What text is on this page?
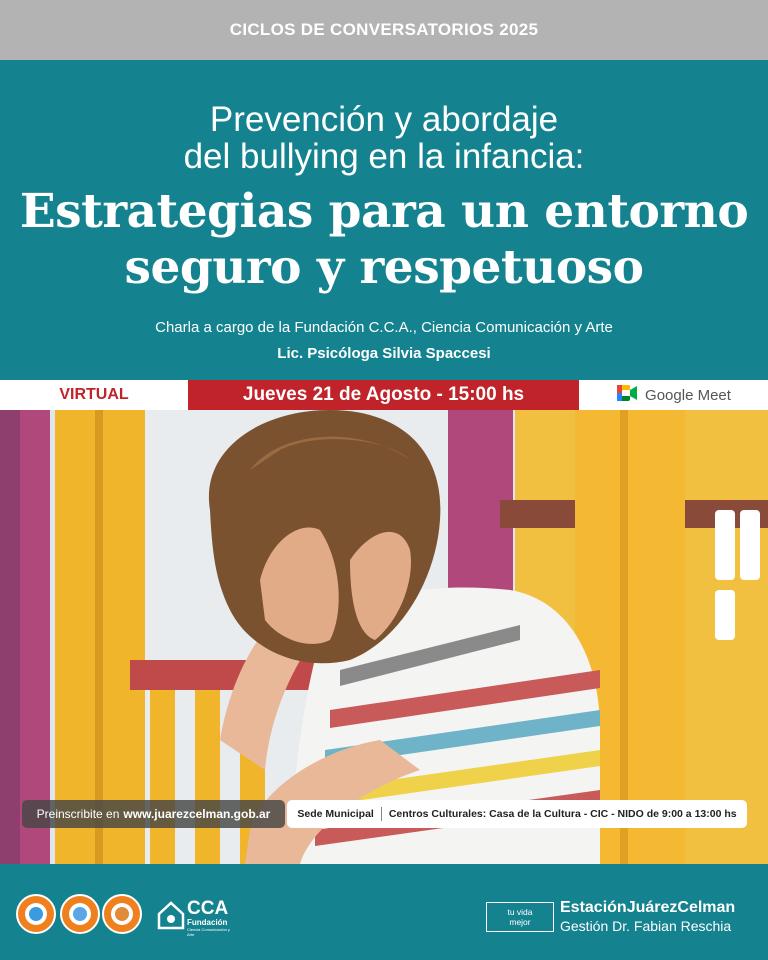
CICLOS DE CONVERSATORIOS 2025
Prevención y abordaje
del bullying en la infancia:
Estrategias para un entorno
seguro y respetuoso
Charla a cargo de la Fundación C.C.A., Ciencia Comunicación y Arte
Lic. Psicóloga Silvia Spaccesi
VIRTUAL	Jueves 21 de Agosto - 15:00 hs	Google Meet
Preinscribite en www.juarezcelman.gob.ar	Sede Municipal Centros Culturales: Casa de la Cultura - CIC - NIDO de 9:00 a 13:00 hs
CCA
Fundación
Ciencia Comunicación y Arte
tu vida
mejor
EstaciónJuárezCelman
Gestión Dr. Fabian Reschia
